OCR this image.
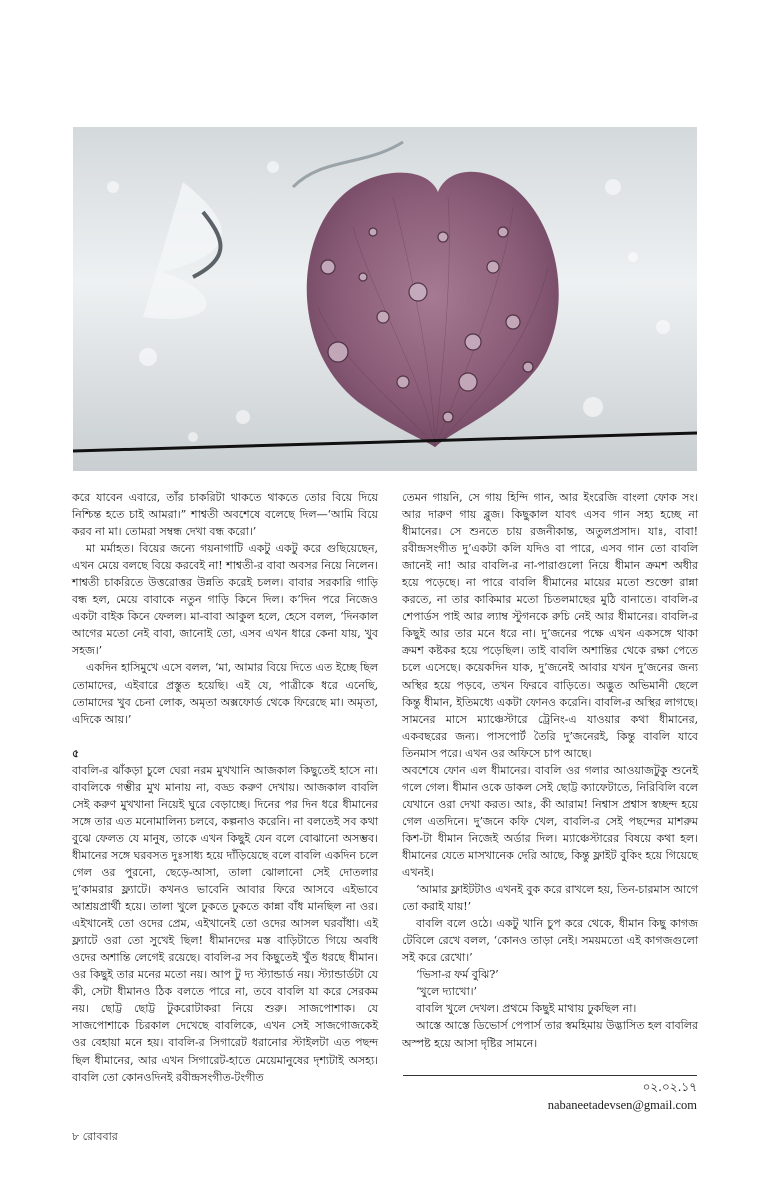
করে যাবেন এবারে, তাঁর চাকরিটা থাকতে থাকতে তোর বিয়ে দিয়ে নিশ্চিন্ত হতে চাই আমরা।” শাশ্বতী অবশেষে বলেছে দিল—‘আমি বিয়ে করব না মা। তোমরা সম্বন্ধ দেখা বন্ধ করো।’

মা মর্মাহত। বিয়ের জন্যে গয়নাগাটি একটু একটু করে গুছিয়েছেন, এখন মেয়ে বলছে বিয়ে করবেই না! শাশ্বতী-র বাবা অবসর নিয়ে নিলেন। শাশ্বতী চাকরিতে উত্তরোত্তর উন্নতি করেই চলল। বাবার সরকারি গাড়ি বন্ধ হল, মেয়ে বাবাকে নতুন গাড়ি কিনে দিল। ক’দিন পরে নিজেও একটা বাইক কিনে ফেলল। মা-বাবা আকুল হলে, হেসে বলল, ‘দিনকাল আগের মতো নেই বাবা, জানোই তো, এসব এখন ধারে কেনা যায়, খুব সহজ।’

একদিন হাসিমুখে এসে বলল, ‘মা, আমার বিয়ে দিতে এত ইচ্ছে ছিল তোমাদের, এইবারে প্রস্তুত হয়েছি। এই যে, পাত্রীকে ধরে এনেছি, তোমাদের খুব চেনা লোক, অমৃতা অক্সফোর্ড থেকে ফিরেছে মা। অমৃতা, এদিকে আয়।’

৫

বাবলি-র ঝাঁকড়া চুলে ঘেরা নরম মুখখানি আজকাল কিছুতেই হাসে না। বাবলিকে গম্ভীর মুখ মানায় না, বড্ড করুণ দেখায়। আজকাল বাবলি সেই করুণ মুখখানা নিয়েই ঘুরে বেড়াচ্ছে। দিনের পর দিন ধরে ধীমানের সঙ্গে তার এত মনোমালিন্য চলবে, কল্পনাও করেনি। না বলতেই সব কথা বুঝে ফেলত যে মানুষ, তাকে এখন কিছুই যেন বলে বোঝানো অসম্ভব। ধীমানের সঙ্গে ঘরবসত দুঃসাধ্য হয়ে দাঁড়িয়েছে বলে বাবলি একদিন চলে গেল ওর পুরনো, ছেড়ে-আসা, তালা ঝোলানো সেই দোতলার দু’কামরার ফ্ল্যাটে। কখনও ভাবেনি আবার ফিরে আসবে এইভাবে আশ্রয়প্রার্থী হয়ে। তালা খুলে ঢুকতে ঢুকতে কান্না বাঁধ মানছিল না ওর। এইখানেই তো ওদের প্রেম, এইখানেই তো ওদের আসল ঘরবাঁধা। এই ফ্ল্যাটে ওরা তো সুখেই ছিল! ধীমানদের মস্ত বাড়িটাতে গিয়ে অবধি ওদের অশান্তি লেগেই রয়েছে। বাবলি-র সব কিছুতেই খুঁত ধরছে ধীমান। ওর কিছুই তার মনের মতো নয়। আপ টু দ্য স্ট্যান্ডার্ড নয়। স্ট্যান্ডার্ডটা যে কী, সেটা ধীমানও ঠিক বলতে পারে না, তবে বাবলি যা করে সেরকম নয়। ছোট্ট ছোট্ট টুকরোটাকরা নিয়ে শুরু। সাজপোশাক। যে সাজপোশাকে চিরকাল দেখেছে বাবলিকে, এখন সেই সাজগোজকেই ওর বেহায়া মনে হয়। বাবলি-র সিগারেট ধরানোর স্টাইলটা এত পছন্দ ছিল ধীমানের, আর এখন সিগারেট-হাতে মেয়েমানুষের দৃশ্যটাই অসহ্য। বাবলি তো কোনওদিনই রবীন্দ্রসংগীত-টংগীত

তেমন গায়নি, সে গায় হিন্দি গান, আর ইংরেজি বাংলা ফোক সং। আর দারুণ গায় ব্লুজ। কিছুকাল যাবৎ এসব গান সহ্য হচ্ছে না ধীমানের। সে শুনতে চায় রজনীকান্ত, অতুলপ্রসাদ। যাঃ, বাবা! রবীন্দ্রসংগীত দু’একটা কলি যদিও বা পারে, এসব গান তো বাবলি জানেই না! আর বাবলি-র না-পারাগুলো নিয়ে ধীমান ক্রমশ অধীর হয়ে পড়েছে। না পারে বাবলি ধীমানের মায়ের মতো শুক্তো রান্না করতে, না তার কাকিমার মতো চিতলমাছের মুঠি বানাতে। বাবলি-র শেপার্ডস পাই আর ল্যাম্ব স্টুগনকে রুচি নেই আর ধীমানের। বাবলি-র কিছুই আর তার মনে ধরে না। দু’জনের পক্ষে এখন একসঙ্গে থাকা ক্রমশ কষ্টকর হয়ে পড়েছিল। তাই বাবলি অশান্তির থেকে রক্ষা পেতে চলে এসেছে। কয়েকদিন যাক, দু’জনেই আবার যখন দু’জনের জন্য অস্থির হয়ে পড়বে, তখন ফিরবে বাড়িতে। অদ্ভুত অভিমানী ছেলে কিন্তু ধীমান, ইতিমধ্যে একটা ফোনও করেনি। বাবলি-র অস্থির লাগছে। সামনের মাসে ম্যাঞ্চেস্টারে ট্রেনিং-এ যাওয়ার কথা ধীমানের, একবছরের জন্য। পাসপোর্ট তৈরি দু’জনেরই, কিন্তু বাবলি যাবে তিনমাস পরে। এখন ওর অফিসে চাপ আছে।

অবশেষে ফোন এল ধীমানের। বাবলি ওর গলার আওয়াজটুকু শুনেই গলে গেল। ধীমান ওকে ডাকল সেই ছোট্ট ক্যাফেটাতে, নিরিবিলি বলে যেখানে ওরা দেখা করত। আঃ, কী আরাম! নিশ্বাস প্রশ্বাস স্বচ্ছন্দ হয়ে গেল এতদিনে। দু’জনে কফি খেল, বাবলি-র সেই পছন্দের মাশরুম কিশ-টা ধীমান নিজেই অর্ডার দিল। ম্যাঞ্চেস্টারের বিষয়ে কথা হল। ধীমানের যেতে মাসখানেক দেরি আছে, কিন্তু ফ্লাইট বুকিং হয়ে গিয়েছে এখনই।

‘আমার ফ্লাইটটাও এখনই বুক করে রাখলে হয়, তিন-চারমাস আগে তো করাই যায়!’

বাবলি বলে ওঠে। একটু খানি চুপ করে থেকে, ধীমান কিছু কাগজ টেবিলে রেখে বলল, ‘কোনও তাড়া নেই। সময়মতো এই কাগজগুলো সই করে রেখো।’

‘ভিসা-র ফর্ম বুঝি?’

‘খুলে দ্যাখো।’

বাবলি খুলে দেখল। প্রথমে কিছুই মাথায় ঢুকছিল না।

আস্তে আস্তে ডিভোর্স পেপার্স তার স্বমহিমায় উদ্ভাসিত হল বাবলির অস্পষ্ট হয়ে আসা দৃষ্টির সামনে।

০২.০২.১৭
nabaneetadevsen@gmail.com
৮ রোববার
